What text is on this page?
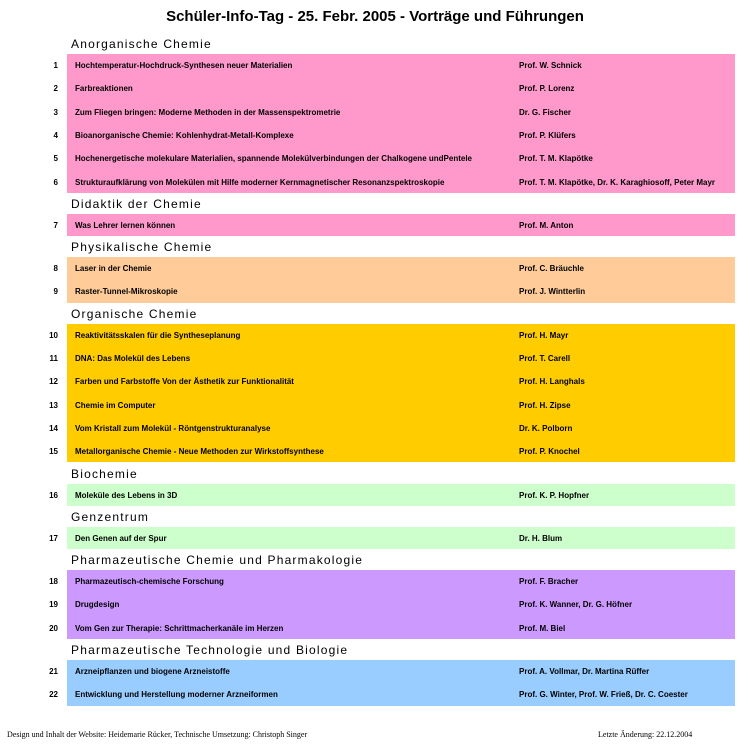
Schüler-Info-Tag - 25. Febr. 2005 - Vorträge und Führungen
Anorganische Chemie
1 Hochtemperatur-Hochdruck-Synthesen neuer Materialien	Prof. W. Schnick
2 Farbreaktionen	Prof. P. Lorenz
3 Zum Fliegen bringen: Moderne Methoden in der Massenspektrometrie	Dr. G. Fischer
4 Bioanorganische Chemie: Kohlenhydrat-Metall-Komplexe	Prof. P. Klüfers
5 Hochenergetische molekulare Materialien, spannende Molekülverbindungen der Chalkogene undPentele	Prof. T. M. Klapötke
6 Strukturaufklärung von Molekülen mit Hilfe moderner Kernmagnetischer Resonanzspektroskopie	Prof. T. M. Klapötke, Dr. K. Karaghiosoff, Peter Mayr
Didaktik der Chemie
7 Was Lehrer lernen können	Prof. M. Anton
Physikalische Chemie
8 Laser in der Chemie	Prof. C. Bräuchle
9 Raster-Tunnel-Mikroskopie	Prof. J. Wintterlin
Organische Chemie
10 Reaktivitätsskalen für die Syntheseplanung	Prof. H. Mayr
11 DNA: Das Molekül des Lebens	Prof. T. Carell
12 Farben und Farbstoffe Von der Ästhetik zur Funktionalität	Prof. H. Langhals
13 Chemie im Computer	Prof. H. Zipse
14 Vom Kristall zum Molekül - Röntgenstrukturanalyse	Dr. K. Polborn
15 Metallorganische Chemie - Neue Methoden zur Wirkstoffsynthese	Prof. P. Knochel
Biochemie
16 Moleküle des Lebens in 3D	Prof. K. P. Hopfner
Genzentrum
17 Den Genen auf der Spur	Dr. H. Blum
Pharmazeutische Chemie und Pharmakologie
18 Pharmazeutisch-chemische Forschung	Prof. F. Bracher
19 Drugdesign	Prof. K. Wanner, Dr. G. Höfner
20 Vom Gen zur Therapie: Schrittmacherkanäle im Herzen	Prof. M. Biel
Pharmazeutische Technologie und Biologie
21 Arzneipflanzen und biogene Arzneistoffe	Prof. A. Vollmar, Dr. Martina Rüffer
22 Entwicklung und Herstellung moderner Arzneiformen	Prof. G. Winter, Prof. W. Frieß, Dr. C. Coester
Design und Inhalt der Website: Heidemarie Rücker, Technische Umsetzung: Christoph Singer	Letzte Änderung: 22.12.2004
